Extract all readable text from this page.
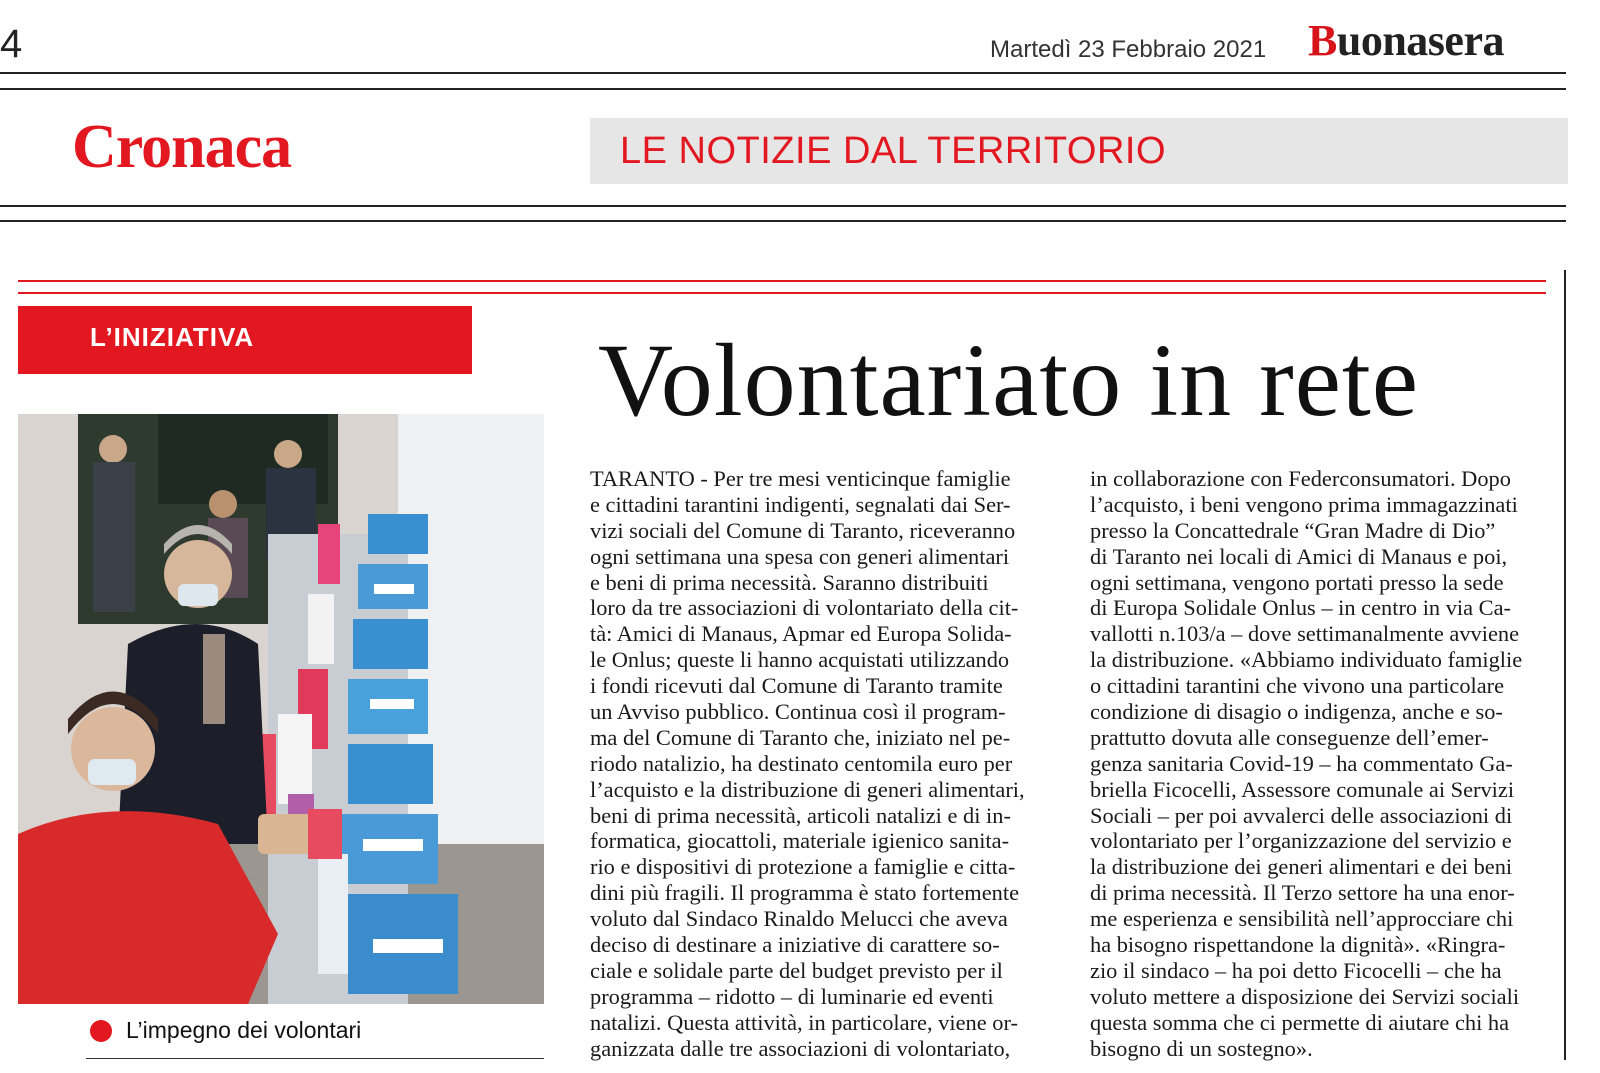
4	Martedì 23 Febbraio 2021 Buonasera
Cronaca	LE NOTIZIE DAL TERRITORIO
L’INIZIATIVA	Volontariato in rete
L’impegno dei volontari
TARANTO - Per tre mesi venticinque famiglie
e cittadini tarantini indigenti, segnalati dai Ser-
vizi sociali del Comune di Taranto, riceveranno
ogni settimana una spesa con generi alimentari
e beni di prima necessità. Saranno distribuiti
loro da tre associazioni di volontariato della cit-
tà: Amici di Manaus, Apmar ed Europa Solida-
le Onlus; queste li hanno acquistati utilizzando
i fondi ricevuti dal Comune di Taranto tramite
un Avviso pubblico. Continua così il program-
ma del Comune di Taranto che, iniziato nel pe-
riodo natalizio, ha destinato centomila euro per
l’acquisto e la distribuzione di generi alimentari,
beni di prima necessità, articoli natalizi e di in-
formatica, giocattoli, materiale igienico sanita-
rio e dispositivi di protezione a famiglie e citta-
dini più fragili. Il programma è stato fortemente
voluto dal Sindaco Rinaldo Melucci che aveva
deciso di destinare a iniziative di carattere so-
ciale e solidale parte del budget previsto per il
programma – ridotto – di luminarie ed eventi
natalizi. Questa attività, in particolare, viene or-
ganizzata dalle tre associazioni di volontariato,
in collaborazione con Federconsumatori. Dopo
l’acquisto, i beni vengono prima immagazzinati
presso la Concattedrale “Gran Madre di Dio”
di Taranto nei locali di Amici di Manaus e poi,
ogni settimana, vengono portati presso la sede
di Europa Solidale Onlus – in centro in via Ca-
vallotti n.103/a – dove settimanalmente avviene
la distribuzione. «Abbiamo individuato famiglie
o cittadini tarantini che vivono una particolare
condizione di disagio o indigenza, anche e so-
prattutto dovuta alle conseguenze dell’emer-
genza sanitaria Covid-19 – ha commentato Ga-
briella Ficocelli, Assessore comunale ai Servizi
Sociali – per poi avvalerci delle associazioni di
volontariato per l’organizzazione del servizio e
la distribuzione dei generi alimentari e dei beni
di prima necessità. Il Terzo settore ha una enor-
me esperienza e sensibilità nell’approcciare chi
ha bisogno rispettandone la dignità». «Ringra-
zio il sindaco – ha poi detto Ficocelli – che ha
voluto mettere a disposizione dei Servizi sociali
questa somma che ci permette di aiutare chi ha
bisogno di un sostegno».
